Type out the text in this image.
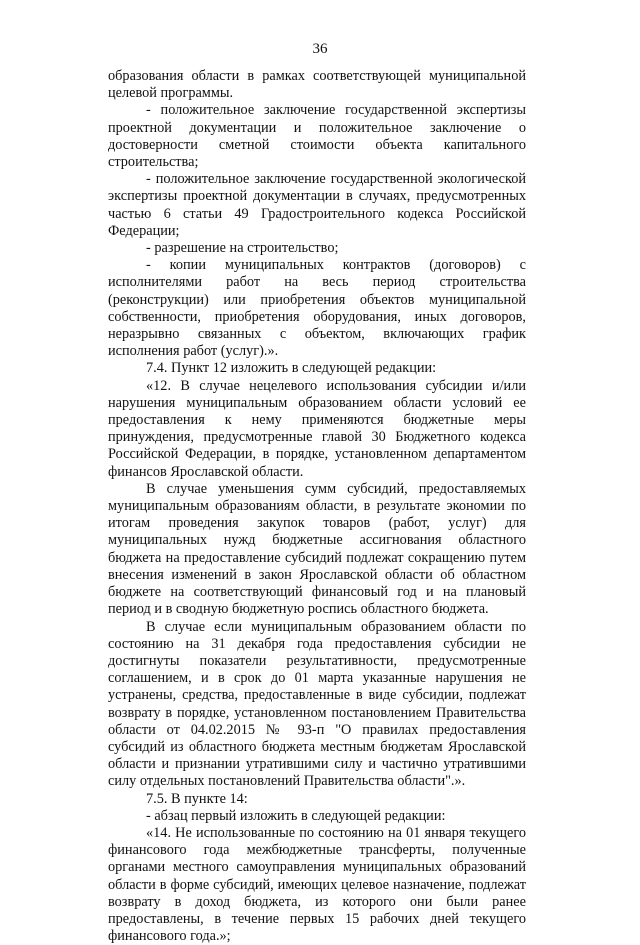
36

образования области в рамках соответствующей муниципальной целевой программы.

- положительное заключение государственной экспертизы проектной документации и положительное заключение о достоверности сметной стоимости объекта капитального строительства;

- положительное заключение государственной экологической экспертизы проектной документации в случаях, предусмотренных частью 6 статьи 49 Градостроительного кодекса Российской Федерации;

- разрешение на строительство;

- копии муниципальных контрактов (договоров) с исполнителями работ на весь период строительства (реконструкции) или приобретения объектов муниципальной собственности, приобретения оборудования, иных договоров, неразрывно связанных с объектом, включающих график исполнения работ (услуг).».

7.4. Пункт 12 изложить в следующей редакции:

«12. В случае нецелевого использования субсидии и/или нарушения муниципальным образованием области условий ее предоставления к нему применяются бюджетные меры принуждения, предусмотренные главой 30 Бюджетного кодекса Российской Федерации, в порядке, установленном департаментом финансов Ярославской области.

В случае уменьшения сумм субсидий, предоставляемых муниципальным образованиям области, в результате экономии по итогам проведения закупок товаров (работ, услуг) для муниципальных нужд бюджетные ассигнования областного бюджета на предоставление субсидий подлежат сокращению путем внесения изменений в закон Ярославской области об областном бюджете на соответствующий финансовый год и на плановый период и в сводную бюджетную роспись областного бюджета.

В случае если муниципальным образованием области по состоянию на 31 декабря года предоставления субсидии не достигнуты показатели результативности, предусмотренные соглашением, и в срок до 01 марта указанные нарушения не устранены, средства, предоставленные в виде субсидии, подлежат возврату в порядке, установленном постановлением Правительства области от 04.02.2015 № 93-п "О правилах предоставления субсидий из областного бюджета местным бюджетам Ярославской области и признании утратившими силу и частично утратившими силу отдельных постановлений Правительства области".».

7.5. В пункте 14:

- абзац первый изложить в следующей редакции:

«14. Не использованные по состоянию на 01 января текущего финансового года межбюджетные трансферты, полученные органами местного самоуправления муниципальных образований области в форме субсидий, имеющих целевое назначение, подлежат возврату в доход бюджета, из которого они были ранее предоставлены, в течение первых 15 рабочих дней текущего финансового года.»;
